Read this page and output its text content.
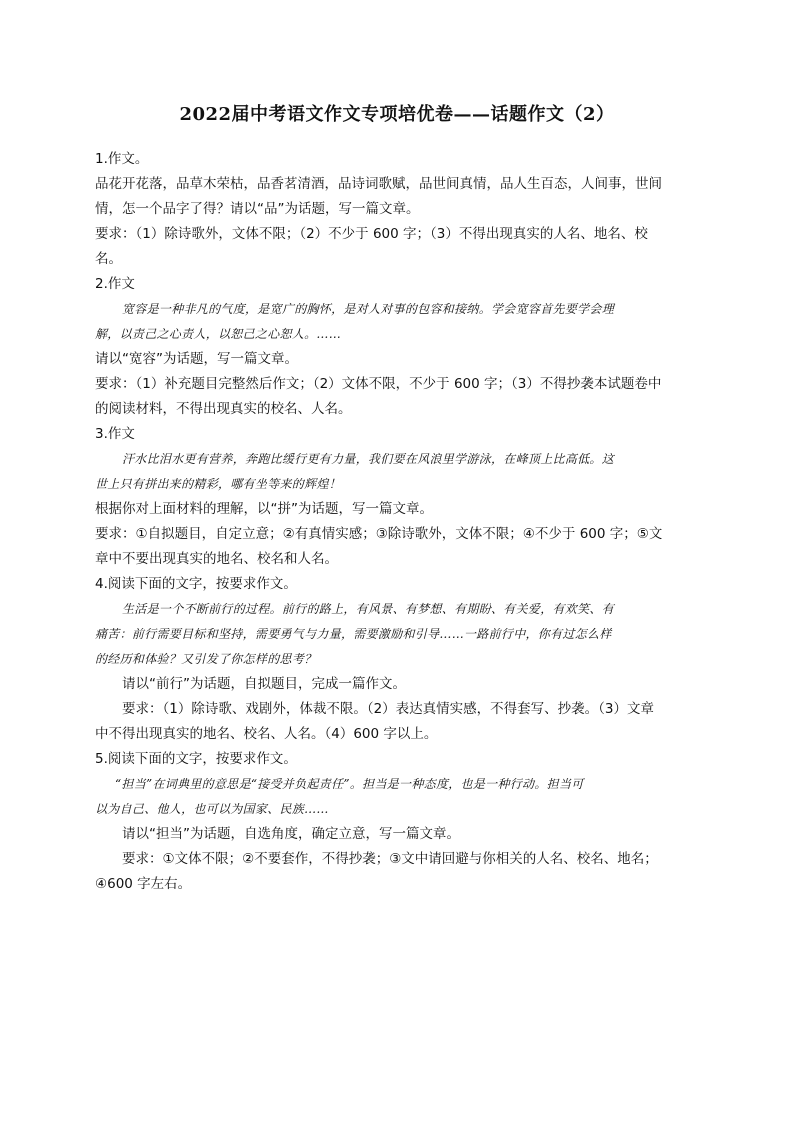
2022届中考语文作文专项培优卷——话题作文（2）
1.作文。
品花开花落，品草木荣枯，品香茗清酒，品诗词歌赋，品世间真情，品人生百态，人间事，世间
情，怎一个品字了得？请以“品”为话题，写一篇文章。
要求：（1）除诗歌外，文体不限；（2）不少于 600 字；（3）不得出现真实的人名、地名、校
名。
2.作文
宽容是一种非凡的气度，是宽广的胸怀，是对人对事的包容和接纳。学会宽容首先要学会理
解，以责己之心责人，以恕己之心恕人。……
请以“宽容”为话题，写一篇文章。
要求：（1）补充题目完整然后作文；（2）文体不限，不少于 600 字；（3）不得抄袭本试题卷中
的阅读材料，不得出现真实的校名、人名。
3.作文
汗水比泪水更有营养，奔跑比缓行更有力量，我们要在风浪里学游泳，在峰顶上比高低。这
世上只有拼出来的精彩，哪有坐等来的辉煌！
根据你对上面材料的理解，以“拼”为话题，写一篇文章。
要求：①自拟题目，自定立意；②有真情实感；③除诗歌外，文体不限；④不少于 600 字；⑤文
章中不要出现真实的地名、校名和人名。
4.阅读下面的文字，按要求作文。
生活是一个不断前行的过程。前行的路上，有风景、有梦想、有期盼、有关爱，有欢笑、有
痛苦：前行需要目标和坚持，需要勇气与力量，需要激励和引导……一路前行中，你有过怎么样
的经历和体验？又引发了你怎样的思考？
请以“前行”为话题，自拟题目，完成一篇作文。
要求：（1）除诗歌、戏剧外，体裁不限。（2）表达真情实感，不得套写、抄袭。（3）文章
中不得出现真实的地名、校名、人名。（4）600 字以上。
5.阅读下面的文字，按要求作文。
“担当”在词典里的意思是“接受并负起责任”。担当是一种态度，也是一种行动。担当可
以为自己、他人，也可以为国家、民族……
请以“担当”为话题，自选角度，确定立意，写一篇文章。
要求：①文体不限；②不要套作，不得抄袭；③文中请回避与你相关的人名、校名、地名；
④600 字左右。
